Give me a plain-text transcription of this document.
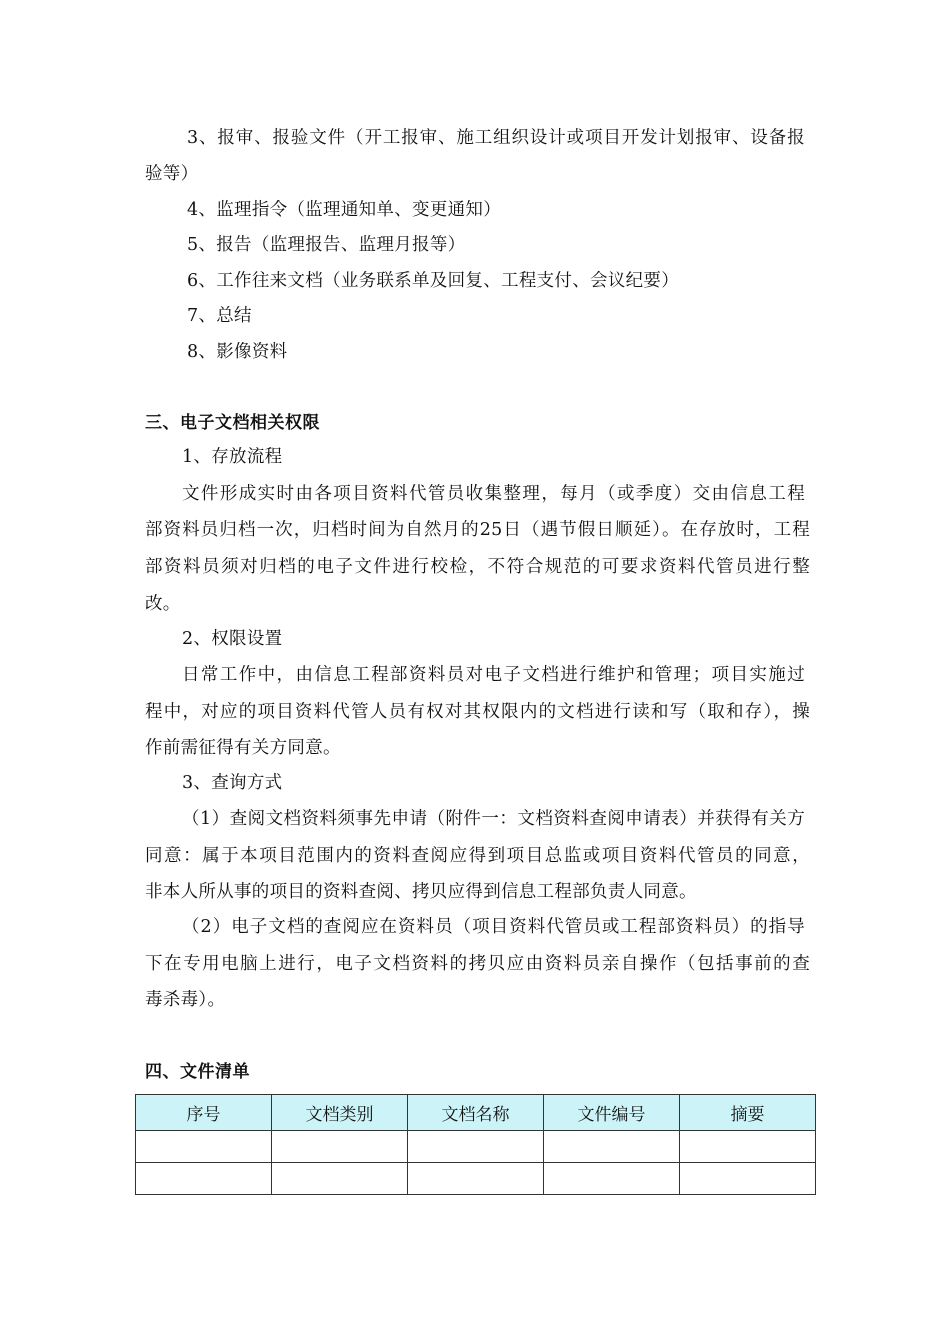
3、报审、报验文件（开工报审、施工组织设计或项目开发计划报审、设备报
验等）
4、监理指令（监理通知单、变更通知）
5、报告（监理报告、监理月报等）
6、工作往来文档（业务联系单及回复、工程支付、会议纪要）
7、总结
8、影像资料
三、电子文档相关权限
1、存放流程
文件形成实时由各项目资料代管员收集整理，每月（或季度）交由信息工程
部资料员归档一次，归档时间为自然月的25日（遇节假日顺延）。在存放时，工程
部资料员须对归档的电子文件进行校检，不符合规范的可要求资料代管员进行整
改。
2、权限设置
日常工作中，由信息工程部资料员对电子文档进行维护和管理；项目实施过
程中，对应的项目资料代管人员有权对其权限内的文档进行读和写（取和存），操
作前需征得有关方同意。
3、查询方式
（1）查阅文档资料须事先申请（附件一：文档资料查阅申请表）并获得有关方
同意：属于本项目范围内的资料查阅应得到项目总监或项目资料代管员的同意，
非本人所从事的项目的资料查阅、拷贝应得到信息工程部负责人同意。
（2）电子文档的查阅应在资料员（项目资料代管员或工程部资料员）的指导
下在专用电脑上进行，电子文档资料的拷贝应由资料员亲自操作（包括事前的查
毒杀毒）。
四、文件清单
序号	文档类别	文档名称	文件编号	摘要
